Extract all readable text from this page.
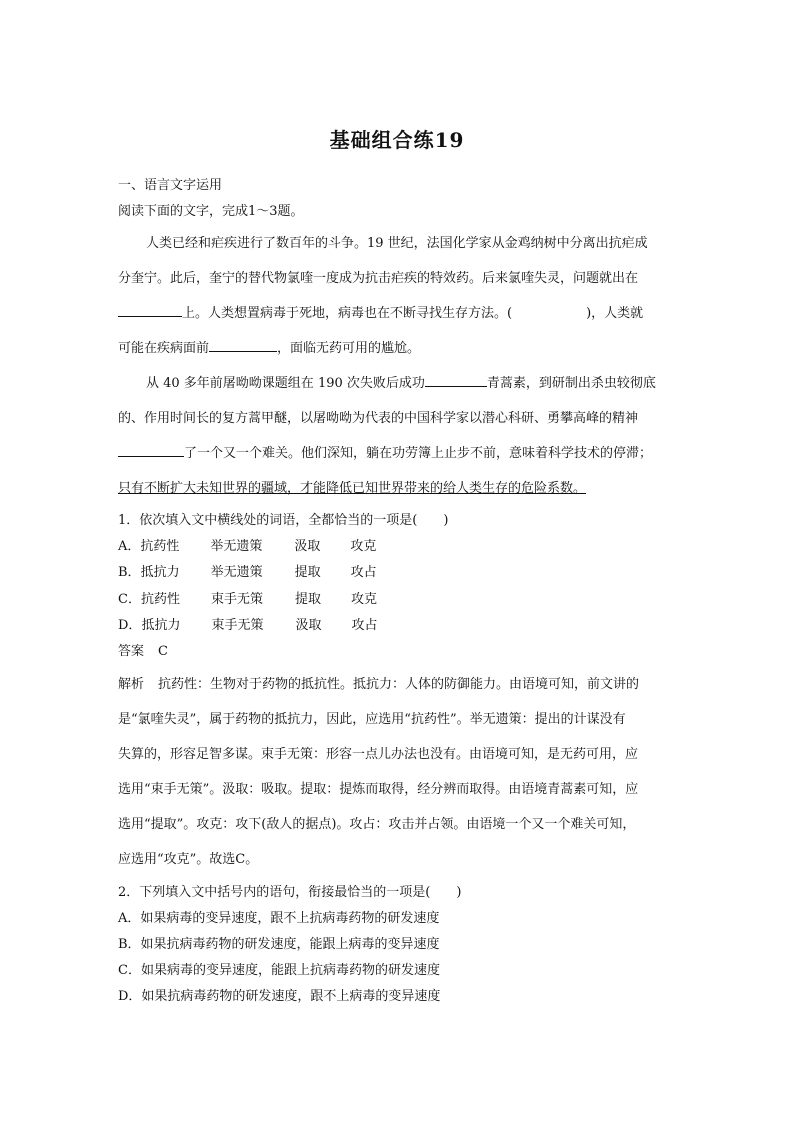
基础组合练19
一、语言文字运用
阅读下面的文字，完成1～3题。
人类已经和疟疾进行了数百年的斗争。19 世纪，法国化学家从金鸡纳树中分离出抗疟成
分奎宁。此后，奎宁的替代物氯喹一度成为抗击疟疾的特效药。后来氯喹失灵，问题就出在
上。人类想置病毒于死地，病毒也在不断寻找生存方法。(	)，人类就
可能在疾病面前	，面临无药可用的尴尬。
从 40 多年前屠呦呦课题组在 190 次失败后成功	青蒿素，到研制出杀虫较彻底
的、作用时间长的复方蒿甲醚，以屠呦呦为代表的中国科学家以潜心科研、勇攀高峰的精神
了一个又一个难关。他们深知，躺在功劳簿上止步不前，意味着科学技术的停滞；
只有不断扩大未知世界的疆域，才能降低已知世界带来的给人类生存的危险系数。
1．依次填入文中横线处的词语，全都恰当的一项是(　　)
A．抗药性 举无遗策 汲取 攻克
B．抵抗力 举无遗策 提取 攻占
C．抗药性 束手无策 提取 攻克
D．抵抗力 束手无策 汲取 攻占
答案 C
解析 抗药性：生物对于药物的抵抗性。抵抗力：人体的防御能力。由语境可知，前文讲的
是“氯喹失灵”，属于药物的抵抗力，因此，应选用“抗药性”。举无遗策：提出的计谋没有
失算的，形容足智多谋。束手无策：形容一点儿办法也没有。由语境可知，是无药可用，应
选用“束手无策”。汲取：吸取。提取：提炼而取得，经分辨而取得。由语境青蒿素可知，应
选用“提取”。攻克：攻下(敌人的据点)。攻占：攻击并占领。由语境一个又一个难关可知，
应选用“攻克”。故选C。
2．下列填入文中括号内的语句，衔接最恰当的一项是(　　)
A．如果病毒的变异速度，跟不上抗病毒药物的研发速度
B．如果抗病毒药物的研发速度，能跟上病毒的变异速度
C．如果病毒的变异速度，能跟上抗病毒药物的研发速度
D．如果抗病毒药物的研发速度，跟不上病毒的变异速度
